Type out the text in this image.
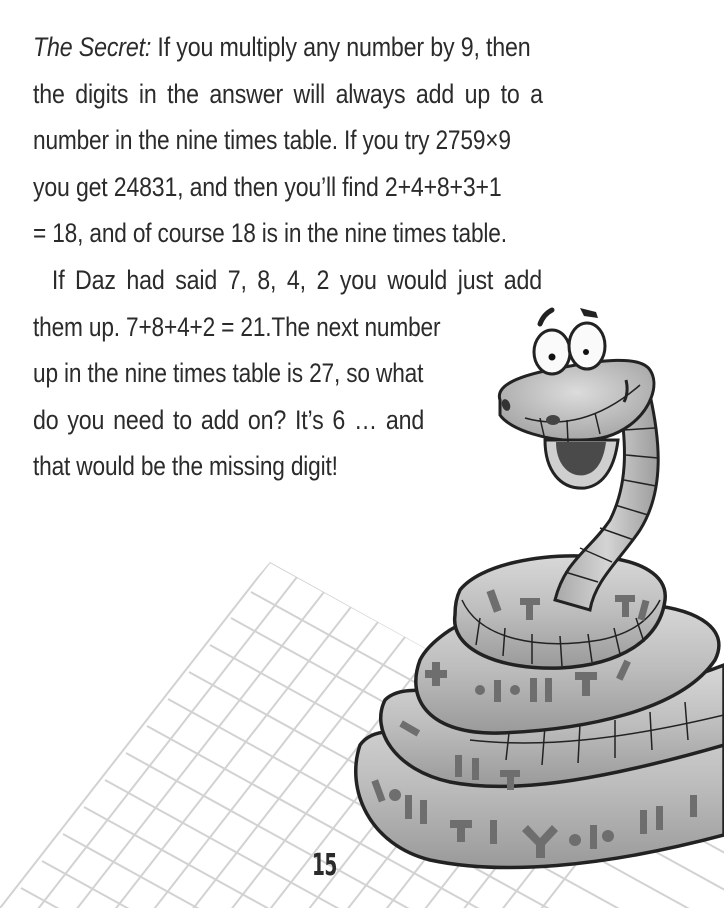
The Secret: If you multiply any number by 9, then
the digits in the answer will always add up to a
number in the nine times table. If you try 2759×9
you get 24831, and then you’ll find 2+4+8+3+1
= 18, and of course 18 is in the nine times table.
If Daz had said 7, 8, 4, 2 you would just add
them up. 7+8+4+2 = 21.The next number
up in the nine times table is 27, so what
do you need to add on? It’s 6 … and
that would be the missing digit!
15
